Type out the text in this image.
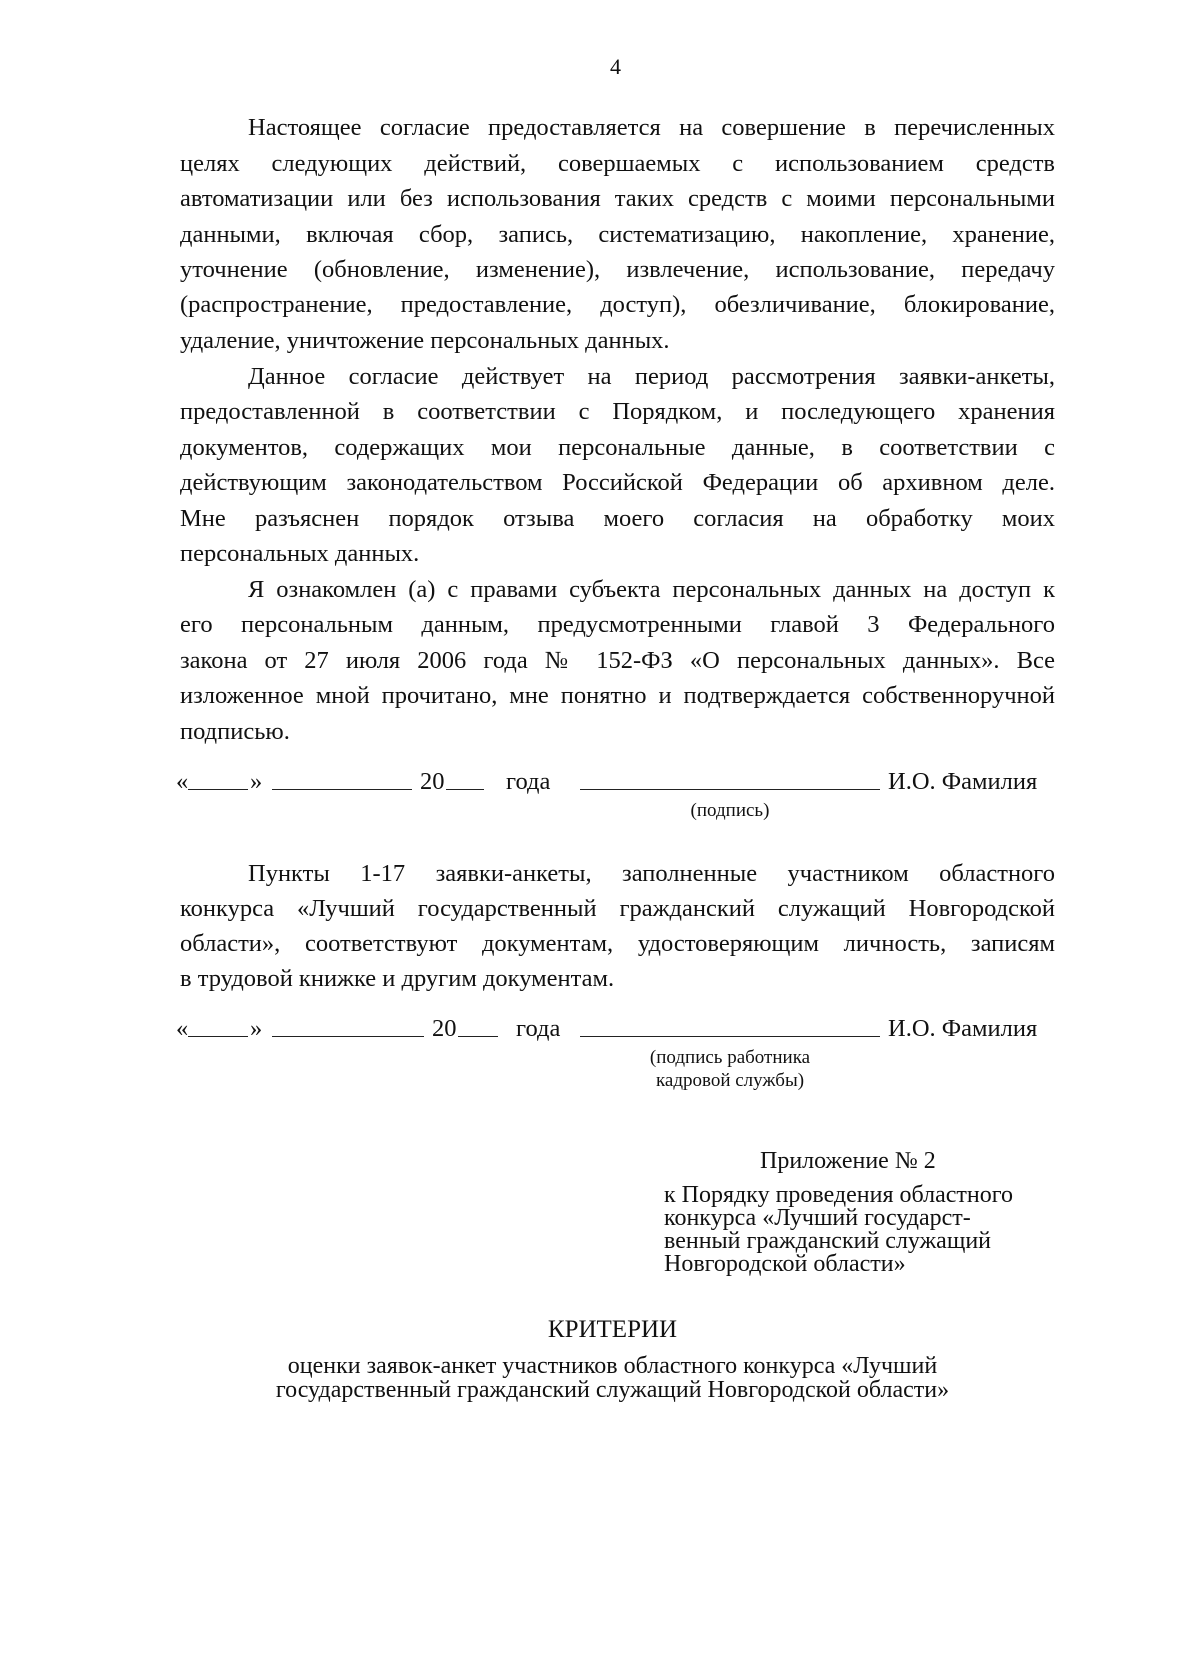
4
Настоящее согласие предоставляется на совершение в перечисленных
целях следующих действий, совершаемых с использованием средств
автоматизации или без использования таких средств с моими персональными
данными, включая сбор, запись, систематизацию, накопление, хранение,
уточнение (обновление, изменение), извлечение, использование, передачу
(распространение, предоставление, доступ), обезличивание, блокирование,
удаление, уничтожение персональных данных.
Данное согласие действует на период рассмотрения заявки-анкеты,
предоставленной в соответствии с Порядком, и последующего хранения
документов, содержащих мои персональные данные, в соответствии с
действующим законодательством Российской Федерации об архивном деле.
Мне разъяснен порядок отзыва моего согласия на обработку моих
персональных данных.
Я ознакомлен (а) с правами субъекта персональных данных на доступ к
его персональным данным, предусмотренными главой 3 Федерального
закона от 27 июля 2006 года № 152-ФЗ «О персональных данных». Все
изложенное мной прочитано, мне понятно и подтверждается собственноручной
подписью.
«	»	20	года	И.О. Фамилия
(подпись)
Пункты 1-17 заявки-анкеты, заполненные участником областного
конкурса «Лучший государственный гражданский служащий Новгородской
области», соответствуют документам, удостоверяющим личность, записям
в трудовой книжке и другим документам.
«	»	20 года	И.О. Фамилия
(подпись работника
кадровой службы)
Приложение № 2
к Порядку проведения областного
конкурса «Лучший государст-
венный гражданский служащий
Новгородской области»
КРИТЕРИИ
оценки заявок-анкет участников областного конкурса «Лучший
государственный гражданский служащий Новгородской области»
